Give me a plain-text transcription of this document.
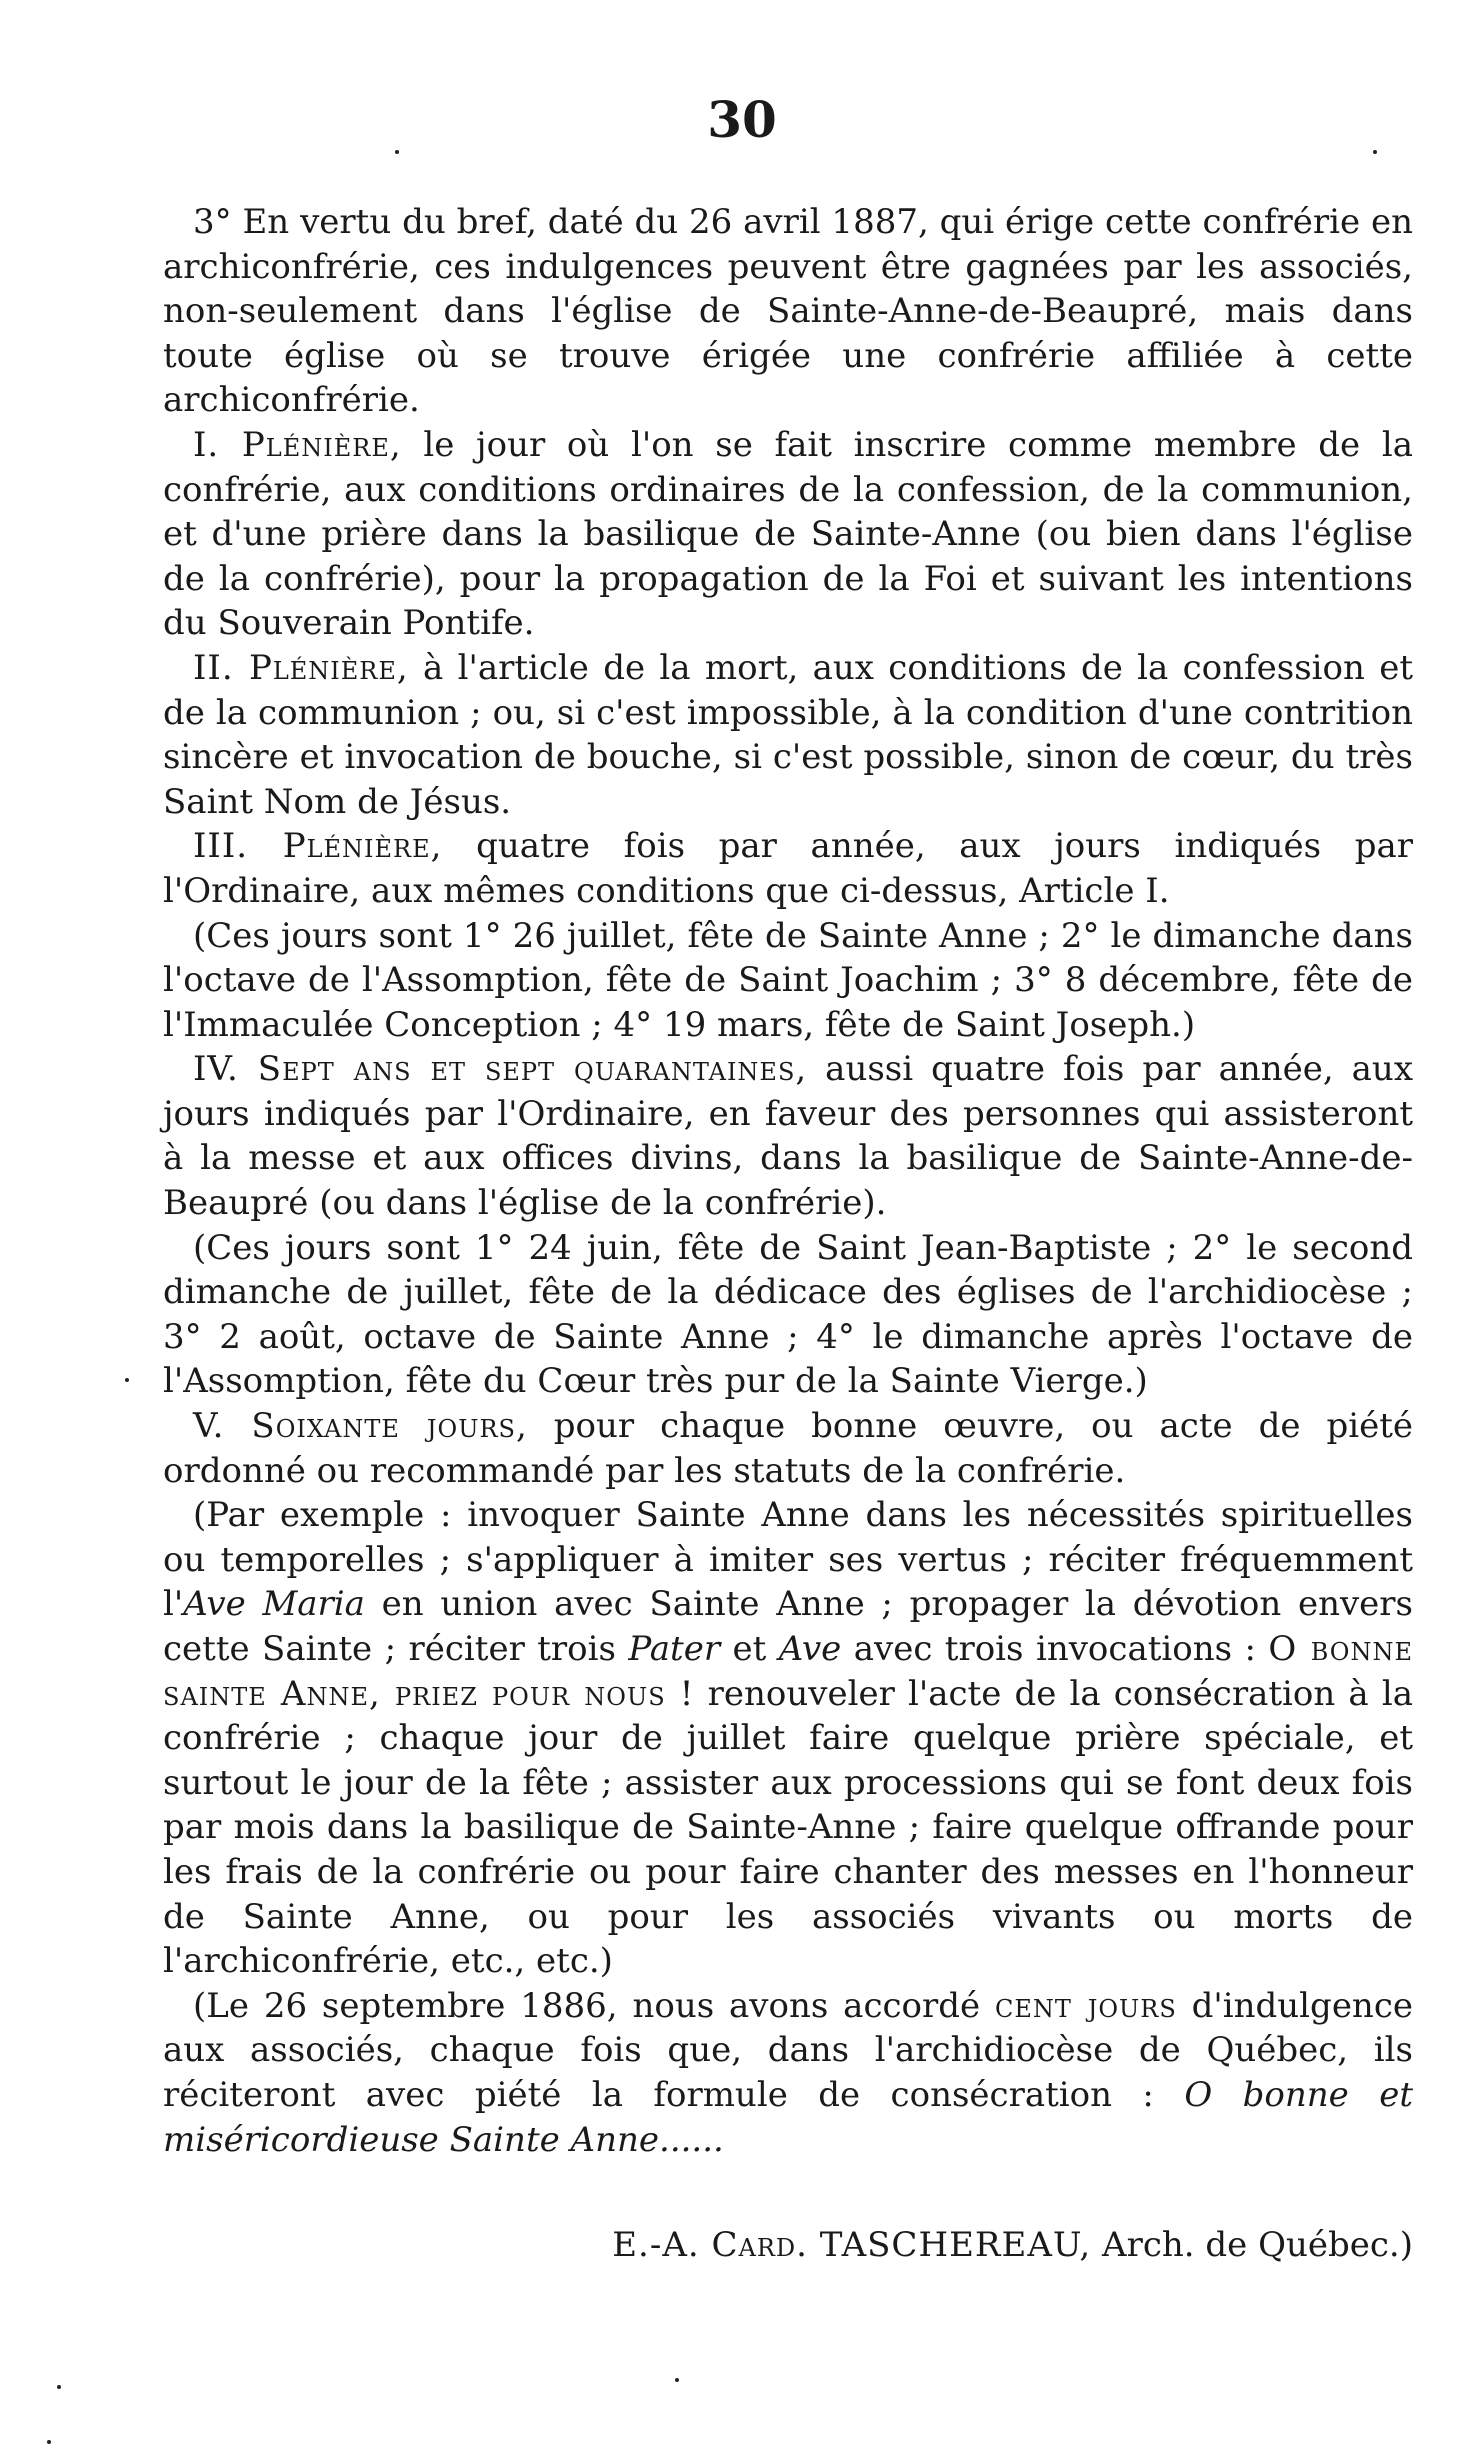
30

3° En vertu du bref, daté du 26 avril 1887, qui érige cette confrérie en archiconfrérie, ces indulgences peuvent être gagnées par les associés, non-seulement dans l'église de Sainte-Anne-de-Beaupré, mais dans toute église où se trouve érigée une confrérie affiliée à cette archiconfrérie.

I. Plénière, le jour où l'on se fait inscrire comme membre de la confrérie, aux conditions ordinaires de la confession, de la communion, et d'une prière dans la basilique de Sainte-Anne (ou bien dans l'église de la confrérie), pour la propagation de la Foi et suivant les intentions du Souverain Pontife.

II. Plénière, à l'article de la mort, aux conditions de la confession et de la communion ; ou, si c'est impossible, à la condition d'une contrition sincère et invocation de bouche, si c'est possible, sinon de cœur, du très Saint Nom de Jésus.

III. Plénière, quatre fois par année, aux jours indiqués par l'Ordinaire, aux mêmes conditions que ci-dessus, Article I.

(Ces jours sont 1° 26 juillet, fête de Sainte Anne ; 2° le dimanche dans l'octave de l'Assomption, fête de Saint Joachim ; 3° 8 décembre, fête de l'Immaculée Conception ; 4° 19 mars, fête de Saint Joseph.)

IV. Sept ans et sept quarantaines, aussi quatre fois par année, aux jours indiqués par l'Ordinaire, en faveur des personnes qui assisteront à la messe et aux offices divins, dans la basilique de Sainte-Anne-de-Beaupré (ou dans l'église de la confrérie).

(Ces jours sont 1° 24 juin, fête de Saint Jean-Baptiste ; 2° le second dimanche de juillet, fête de la dédicace des églises de l'archidiocèse ; 3° 2 août, octave de Sainte Anne ; 4° le dimanche après l'octave de l'Assomption, fête du Cœur très pur de la Sainte Vierge.)

V. Soixante jours, pour chaque bonne œuvre, ou acte de piété ordonné ou recommandé par les statuts de la confrérie.

(Par exemple : invoquer Sainte Anne dans les nécessités spirituelles ou temporelles ; s'appliquer à imiter ses vertus ; réciter fréquemment l'Ave Maria en union avec Sainte Anne ; propager la dévotion envers cette Sainte ; réciter trois Pater et Ave avec trois invocations : O bonne sainte Anne, priez pour nous ! renouveler l'acte de la consécration à la confrérie ; chaque jour de juillet faire quelque prière spéciale, et surtout le jour de la fête ; assister aux processions qui se font deux fois par mois dans la basilique de Sainte-Anne ; faire quelque offrande pour les frais de la confrérie ou pour faire chanter des messes en l'honneur de Sainte Anne, ou pour les associés vivants ou morts de l'archiconfrérie, etc., etc.)

(Le 26 septembre 1886, nous avons accordé cent jours d'indulgence aux associés, chaque fois que, dans l'archidiocèse de Québec, ils réciteront avec piété la formule de consécration : O bonne et miséricordieuse Sainte Anne......

E.-A. Card. TASCHEREAU, Arch. de Québec.)
